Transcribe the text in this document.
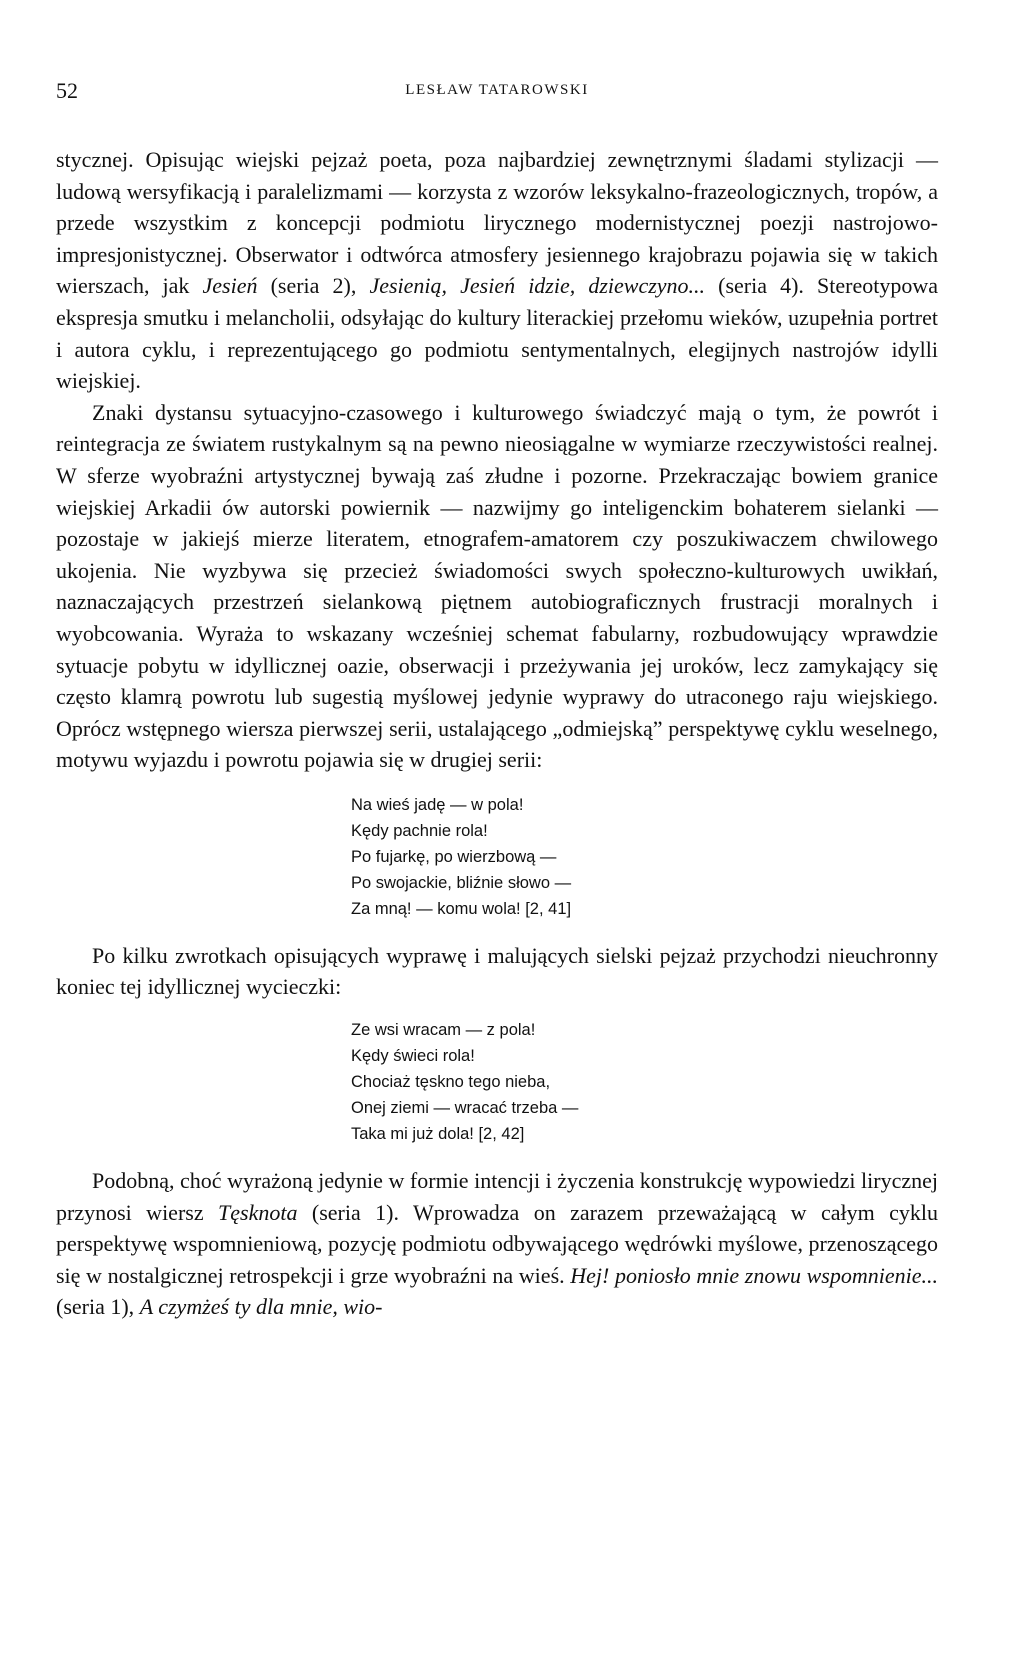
52	LESŁAW TATAROWSKI

stycznej. Opisując wiejski pejzaż poeta, poza najbardziej zewnętrznymi śladami stylizacji — ludową wersyfikacją i paralelizmami — korzysta z wzorów leksykalno-frazeologicznych, tropów, a przede wszystkim z koncepcji podmiotu lirycznego modernistycznej poezji nastrojowo-impresjonistycznej. Obserwator i odtwórca atmosfery jesiennego krajobrazu pojawia się w takich wierszach, jak Jesień (seria 2), Jesienią, Jesień idzie, dziewczyno... (seria 4). Stereotypowa ekspresja smutku i melancholii, odsyłając do kultury literackiej przełomu wieków, uzupełnia portret i autora cyklu, i reprezentującego go podmiotu sentymentalnych, elegijnych nastrojów idylli wiejskiej.

Znaki dystansu sytuacyjno-czasowego i kulturowego świadczyć mają o tym, że powrót i reintegracja ze światem rustykalnym są na pewno nieosiągalne w wymiarze rzeczywistości realnej. W sferze wyobraźni artystycznej bywają zaś złudne i pozorne. Przekraczając bowiem granice wiejskiej Arkadii ów autorski powiernik — nazwijmy go inteligenckim bohaterem sielanki — pozostaje w jakiejś mierze literatem, etnografem-amatorem czy poszukiwaczem chwilowego ukojenia. Nie wyzbywa się przecież świadomości swych społeczno-kulturowych uwikłań, naznaczających przestrzeń sielankową piętnem autobiograficznych frustracji moralnych i wyobcowania. Wyraża to wskazany wcześniej schemat fabularny, rozbudowujący wprawdzie sytuacje pobytu w idyllicznej oazie, obserwacji i przeżywania jej uroków, lecz zamykający się często klamrą powrotu lub sugestią myślowej jedynie wyprawy do utraconego raju wiejskiego. Oprócz wstępnego wiersza pierwszej serii, ustalającego „odmiejską” perspektywę cyklu weselnego, motywu wyjazdu i powrotu pojawia się w drugiej serii:

Na wieś jadę — w pola!
Kędy pachnie rola!
Po fujarkę, po wierzbową —
Po swojackie, bliźnie słowo —
Za mną! — komu wola! [2, 41]

Po kilku zwrotkach opisujących wyprawę i malujących sielski pejzaż przychodzi nieuchronny koniec tej idyllicznej wycieczki:

Ze wsi wracam — z pola!
Kędy świeci rola!
Chociaż tęskno tego nieba,
Onej ziemi — wracać trzeba —
Taka mi już dola! [2, 42]

Podobną, choć wyrażoną jedynie w formie intencji i życzenia konstrukcję wypowiedzi lirycznej przynosi wiersz Tęsknota (seria 1). Wprowadza on zarazem przeważającą w całym cyklu perspektywę wspomnieniową, pozycję podmiotu odbywającego wędrówki myślowe, przenoszącego się w nostalgicznej retrospekcji i grze wyobraźni na wieś. Hej! poniosło mnie znowu wspomnienie... (seria 1), A czymżeś ty dla mnie, wio-
